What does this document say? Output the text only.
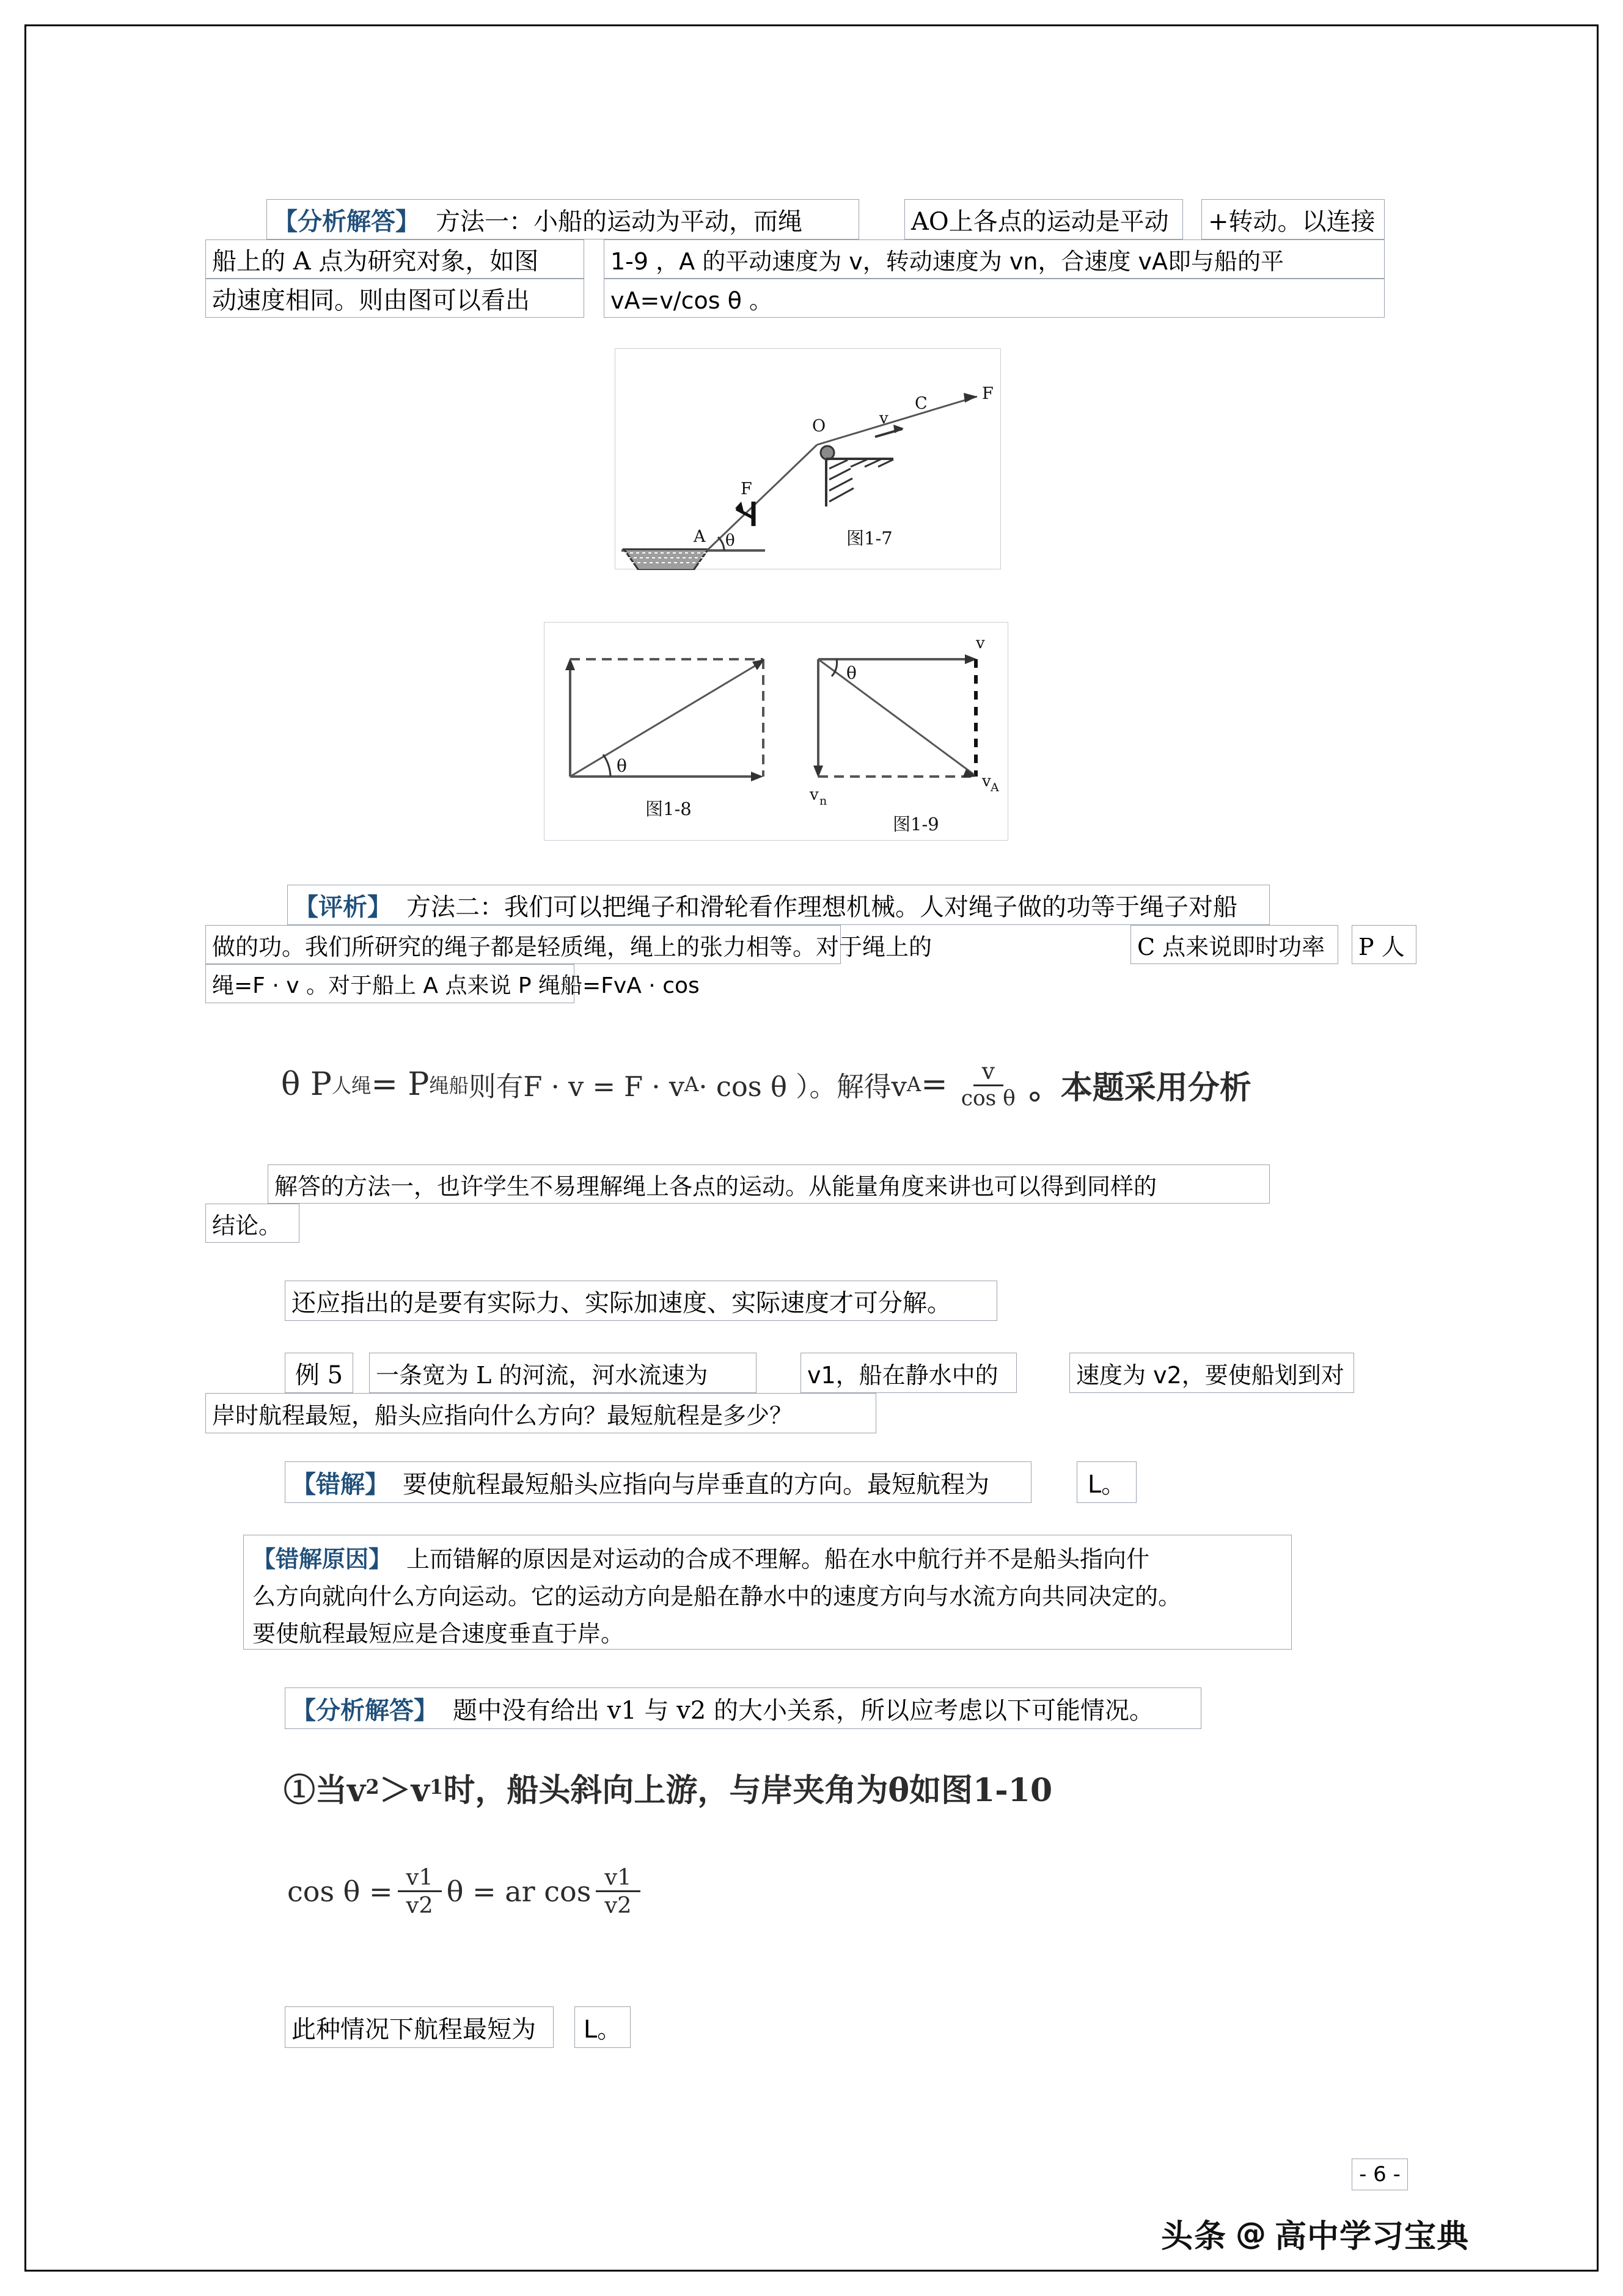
【分析解答】 方法一：小船的运动为平动，而绳	AO上各点的运动是平动 +转动。以连接
船上的 A 点为研究对象，如图	1-9 ，A 的平动速度为 v，转动速度为 vn，合速度 vA即与船的平
动速度相同。则由图可以看出	vA=v/cos θ 。
F
C
v
O
F
A θ	图1-7
θ
图1-8
v
v n
θ
v A
图1-9
【评析】 方法二：我们可以把绳子和滑轮看作理想机械。人对绳子做的功等于绳子对船
做的功。我们所研究的绳子都是轻质绳，绳上的张力相等。对于绳上的	C 点来说即时功率 P 人
绳=F · v 。对于船上 A 点来说 P 绳船=FvA · cos
θ P 人绳 = P 绳船 则有F · v = F · v A · cos θ ）。解得v $A = \frac{v}{\text{cos θ}}$ 。本题采用分析
解答的方法一，也许学生不易理解绳上各点的运动。从能量角度来讲也可以得到同样的
结论。
还应指出的是要有实际力、实际加速度、实际速度才可分解。
例 5 一条宽为 L 的河流，河水流速为	v1，船在静水中的	速度为 v2，要使船划到对
岸时航程最短，船头应指向什么方向？最短航程是多少？
【错解】 要使航程最短船头应指向与岸垂直的方向。最短航程为	L。
【错解原因】 上而错解的原因是对运动的合成不理解。船在水中航行并不是船头指向什
么方向就向什么方向运动。它的运动方向是船在静水中的速度方向与水流方向共同决定的。
要使航程最短应是合速度垂直于岸。
【分析解答】 题中没有给出 v1 与 v2 的大小关系，所以应考虑以下可能情况。
①当v 2 ＞v 1 时，船头斜向上游，与岸夹角为θ如图1-10
$\cos \theta = \frac{v1}{v2}$ θ = ar $\cos \frac{v1}{v2}$
此种情况下航程最短为 L。
- 6 -
头条 @ 高中学习宝典
